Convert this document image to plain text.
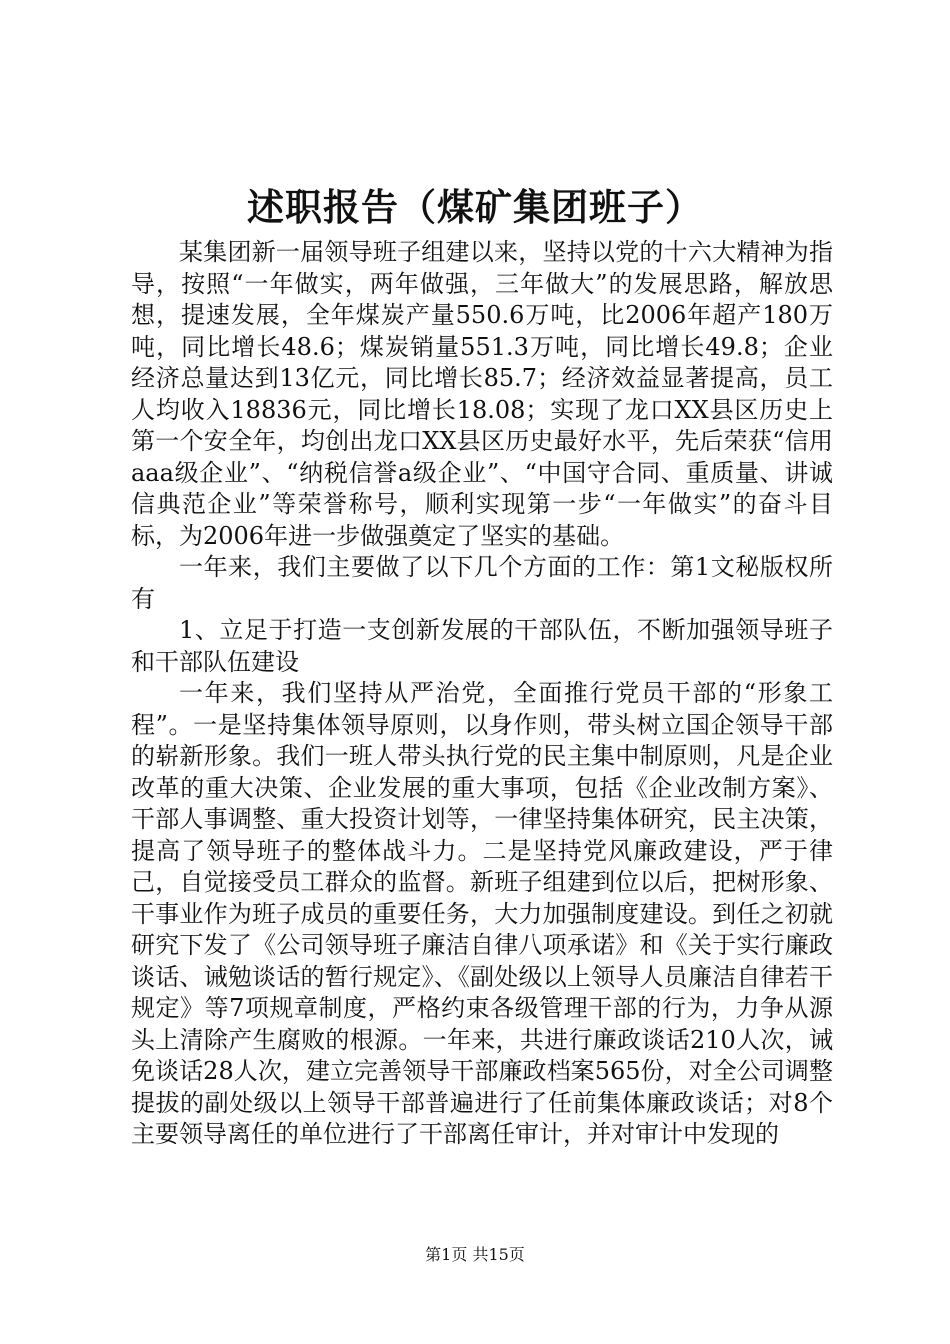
述职报告（煤矿集团班子）

某集团新一届领导班子组建以来，坚持以党的十六大精神为指导，按照“一年做实，两年做强，三年做大”的发展思路，解放思想，提速发展，全年煤炭产量550.6万吨，比2006年超产180万吨，同比增长48.6；煤炭销量551.3万吨，同比增长49.8；企业经济总量达到13亿元，同比增长85.7；经济效益显著提高，员工人均收入18836元，同比增长18.08；实现了龙口XX县区历史上第一个安全年，均创出龙口XX县区历史最好水平，先后荣获“信用aaa级企业”、“纳税信誉a级企业”、“中国守合同、重质量、讲诚信典范企业”等荣誉称号，顺利实现第一步“一年做实”的奋斗目标，为2006年进一步做强奠定了坚实的基础。

一年来，我们主要做了以下几个方面的工作：第1文秘版权所有

1、立足于打造一支创新发展的干部队伍，不断加强领导班子和干部队伍建设

一年来，我们坚持从严治党，全面推行党员干部的“形象工程”。一是坚持集体领导原则，以身作则，带头树立国企领导干部的崭新形象。我们一班人带头执行党的民主集中制原则，凡是企业改革的重大决策、企业发展的重大事项，包括《企业改制方案》、干部人事调整、重大投资计划等，一律坚持集体研究，民主决策，提高了领导班子的整体战斗力。二是坚持党风廉政建设，严于律己，自觉接受员工群众的监督。新班子组建到位以后，把树形象、干事业作为班子成员的重要任务，大力加强制度建设。到任之初就研究下发了《公司领导班子廉洁自律八项承诺》和《关于实行廉政谈话、诫勉谈话的暂行规定》、《副处级以上领导人员廉洁自律若干规定》等7项规章制度，严格约束各级管理干部的行为，力争从源头上清除产生腐败的根源。一年来，共进行廉政谈话210人次，诫免谈话28人次，建立完善领导干部廉政档案565份，对全公司调整提拔的副处级以上领导干部普遍进行了任前集体廉政谈话；对8个主要领导离任的单位进行了干部离任审计，并对审计中发现的

第1页 共15页
